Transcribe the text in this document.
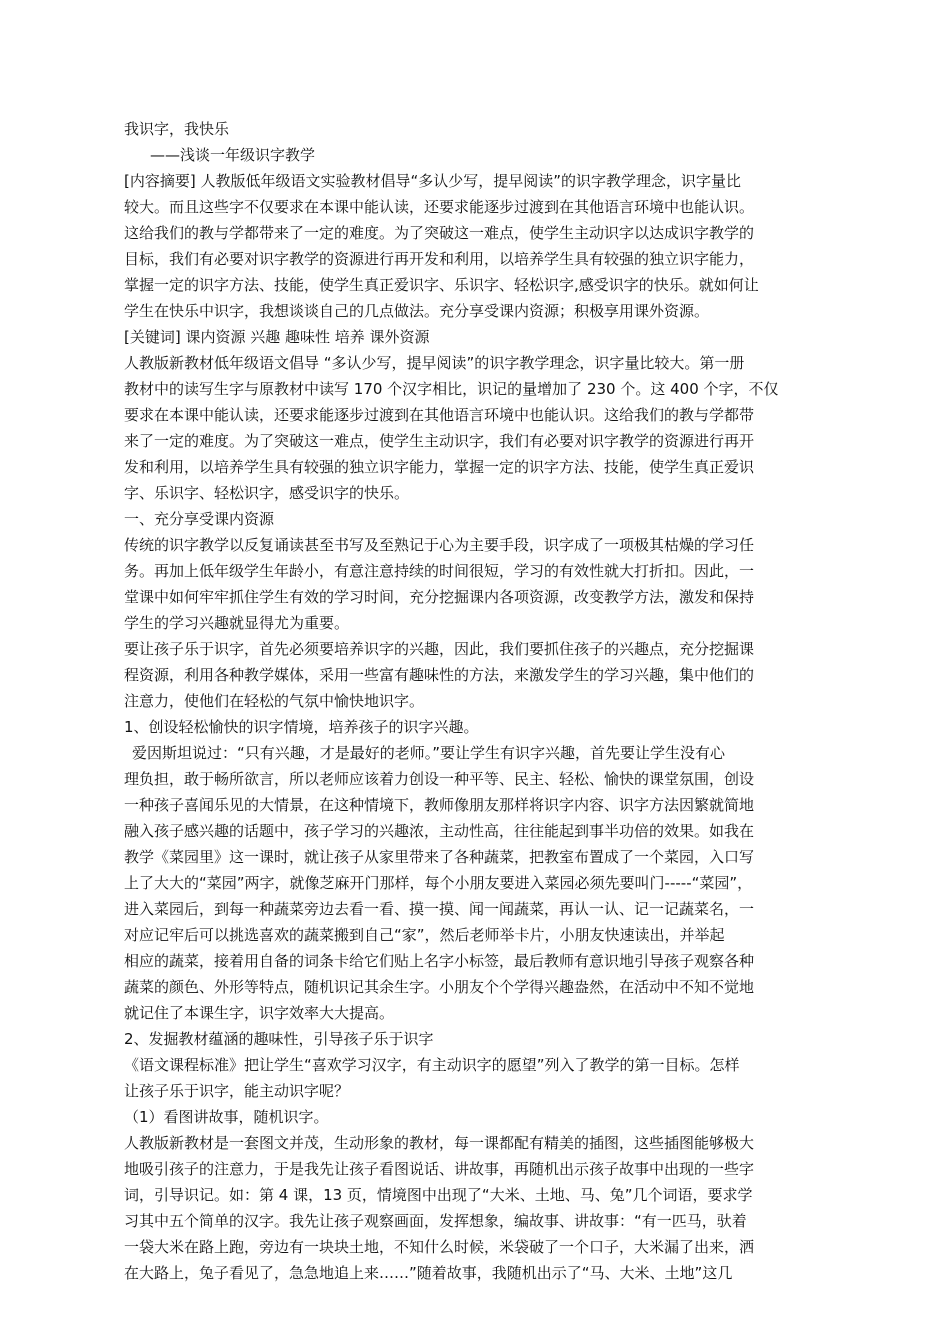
我识字，我快乐
——浅谈一年级识字教学
[内容摘要] 人教版低年级语文实验教材倡导“多认少写，提早阅读”的识字教学理念，识字量比
较大。而且这些字不仅要求在本课中能认读，还要求能逐步过渡到在其他语言环境中也能认识。
这给我们的教与学都带来了一定的难度。为了突破这一难点，使学生主动识字以达成识字教学的
目标，我们有必要对识字教学的资源进行再开发和利用，以培养学生具有较强的独立识字能力，
掌握一定的识字方法、技能，使学生真正爱识字、乐识字、轻松识字,感受识字的快乐。就如何让
学生在快乐中识字，我想谈谈自己的几点做法。充分享受课内资源；积极享用课外资源。
[关键词] 课内资源 兴趣 趣味性 培养 课外资源
人教版新教材低年级语文倡导 “多认少写，提早阅读”的识字教学理念，识字量比较大。第一册
教材中的读写生字与原教材中读写 170 个汉字相比，识记的量增加了 230 个。这 400 个字，不仅
要求在本课中能认读，还要求能逐步过渡到在其他语言环境中也能认识。这给我们的教与学都带
来了一定的难度。为了突破这一难点，使学生主动识字，我们有必要对识字教学的资源进行再开
发和利用，以培养学生具有较强的独立识字能力，掌握一定的识字方法、技能，使学生真正爱识
字、乐识字、轻松识字，感受识字的快乐。
一、充分享受课内资源
传统的识字教学以反复诵读甚至书写及至熟记于心为主要手段，识字成了一项极其枯燥的学习任
务。再加上低年级学生年龄小，有意注意持续的时间很短，学习的有效性就大打折扣。因此，一
堂课中如何牢牢抓住学生有效的学习时间，充分挖掘课内各项资源，改变教学方法，激发和保持
学生的学习兴趣就显得尤为重要。
要让孩子乐于识字，首先必须要培养识字的兴趣，因此，我们要抓住孩子的兴趣点，充分挖掘课
程资源，利用各种教学媒体，采用一些富有趣味性的方法，来激发学生的学习兴趣，集中他们的
注意力，使他们在轻松的气氛中愉快地识字。
1、创设轻松愉快的识字情境，培养孩子的识字兴趣。
爱因斯坦说过：“只有兴趣，才是最好的老师。”要让学生有识字兴趣，首先要让学生没有心
理负担，敢于畅所欲言，所以老师应该着力创设一种平等、民主、轻松、愉快的课堂氛围，创设
一种孩子喜闻乐见的大情景，在这种情境下，教师像朋友那样将识字内容、识字方法因繁就简地
融入孩子感兴趣的话题中，孩子学习的兴趣浓，主动性高，往往能起到事半功倍的效果。如我在
教学《菜园里》这一课时，就让孩子从家里带来了各种蔬菜，把教室布置成了一个菜园，入口写
上了大大的“菜园”两字，就像芝麻开门那样，每个小朋友要进入菜园必须先要叫门-----“菜园”，
进入菜园后，到每一种蔬菜旁边去看一看、摸一摸、闻一闻蔬菜，再认一认、记一记蔬菜名，一
对应记牢后可以挑选喜欢的蔬菜搬到自己“家”，然后老师举卡片，小朋友快速读出，并举起
相应的蔬菜，接着用自备的词条卡给它们贴上名字小标签，最后教师有意识地引导孩子观察各种
蔬菜的颜色、外形等特点，随机识记其余生字。小朋友个个学得兴趣盎然，在活动中不知不觉地
就记住了本课生字，识字效率大大提高。
2、发掘教材蕴涵的趣味性，引导孩子乐于识字
《语文课程标准》把让学生“喜欢学习汉字，有主动识字的愿望”列入了教学的第一目标。怎样
让孩子乐于识字，能主动识字呢？
（1）看图讲故事，随机识字。
人教版新教材是一套图文并茂，生动形象的教材，每一课都配有精美的插图，这些插图能够极大
地吸引孩子的注意力，于是我先让孩子看图说话、讲故事，再随机出示孩子故事中出现的一些字
词，引导识记。如：第 4 课，13 页，情境图中出现了“大米、土地、马、兔”几个词语，要求学
习其中五个简单的汉字。我先让孩子观察画面，发挥想象，编故事、讲故事：“有一匹马，驮着
一袋大米在路上跑，旁边有一块块土地，不知什么时候，米袋破了一个口子，大米漏了出来，洒
在大路上，兔子看见了，急急地追上来……”随着故事，我随机出示了“马、大米、土地”这几
